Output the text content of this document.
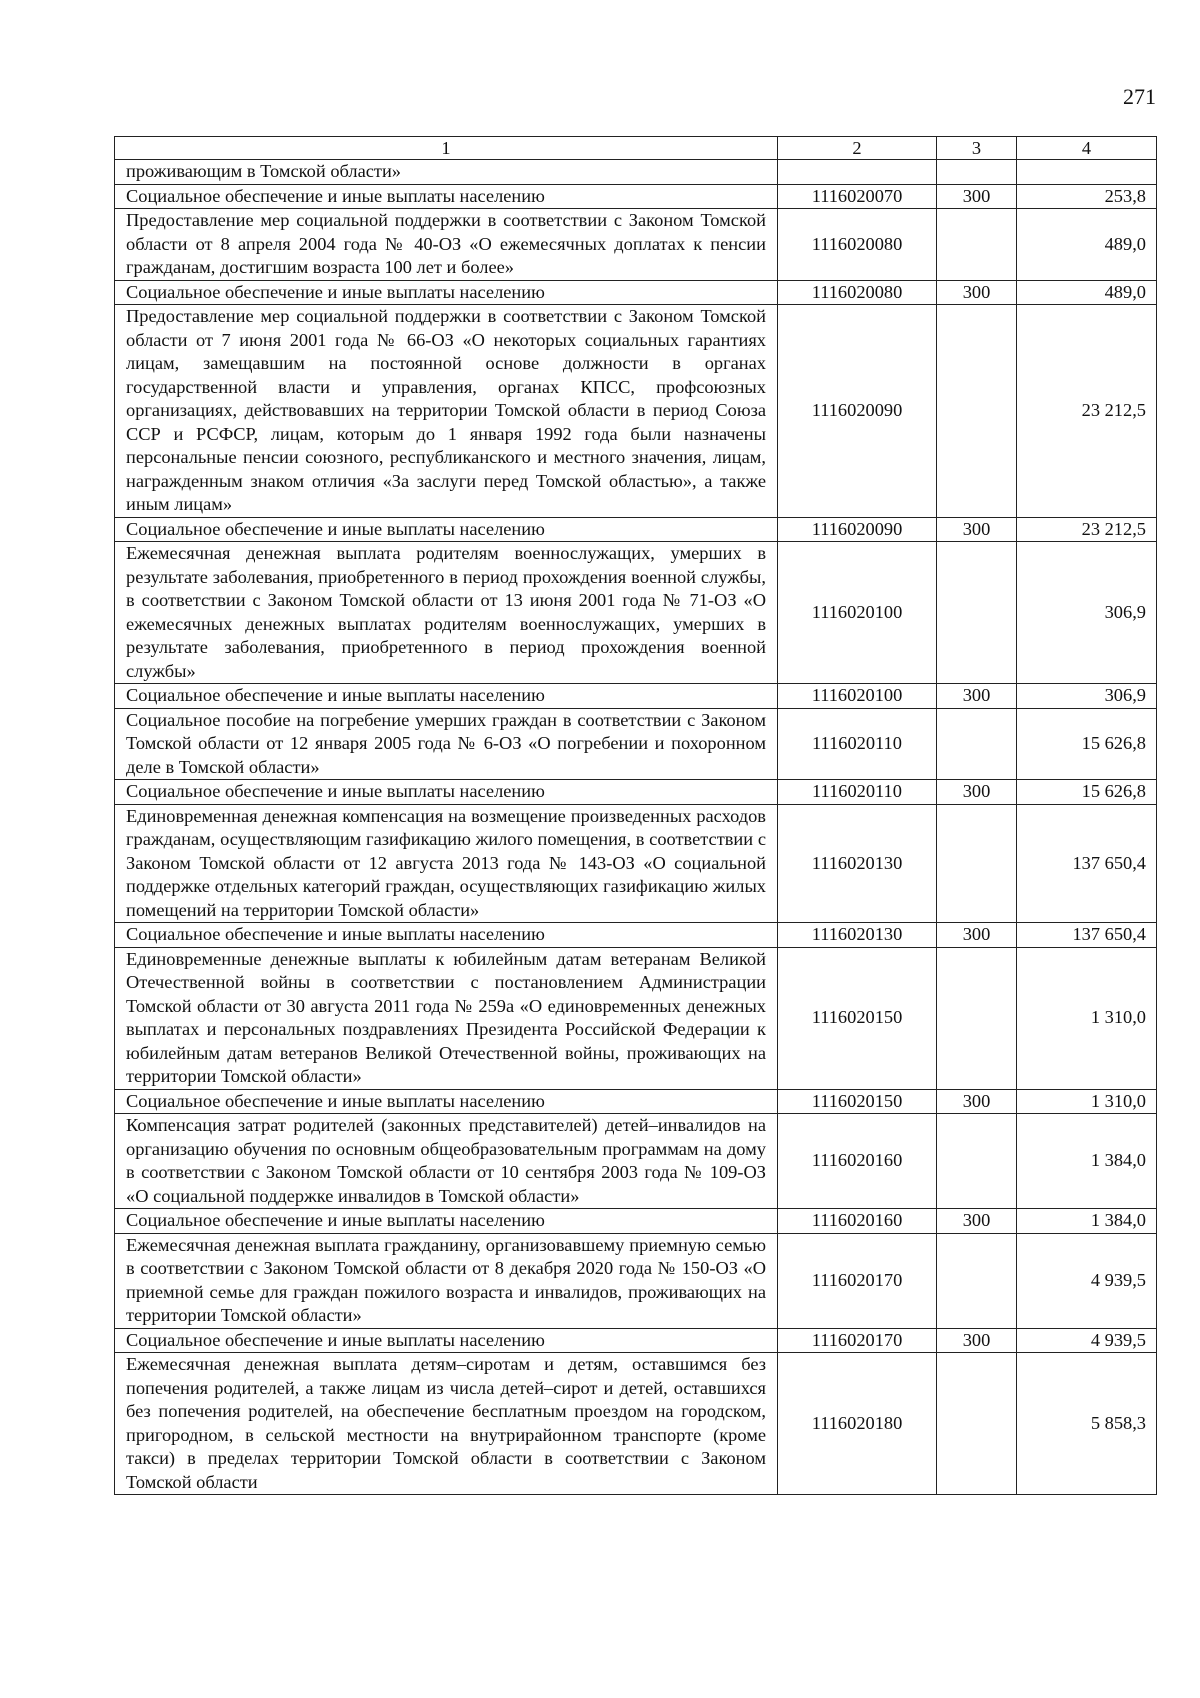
271
1	2	3	4
проживающим в Томской области»			
Социальное обеспечение и иные выплаты населению	1116020070	300	253,8
Предоставление мер социальной поддержки в соответствии с Законом Томской области от 8 апреля 2004 года № 40-ОЗ «О ежемесячных доплатах к пенсии гражданам, достигшим возраста 100 лет и более»	1116020080		489,0
Социальное обеспечение и иные выплаты населению	1116020080	300	489,0
Предоставление мер социальной поддержки в соответствии с Законом Томской области от 7 июня 2001 года № 66-ОЗ «О некоторых социальных гарантиях лицам, замещавшим на постоянной основе должности в органах государственной власти и управления, органах КПСС, профсоюзных организациях, действовавших на территории Томской области в период Союза ССР и РСФСР, лицам, которым до 1 января 1992 года были назначены персональные пенсии союзного, республиканского и местного значения, лицам, награжденным знаком отличия «За заслуги перед Томской областью», а также иным лицам»	1116020090		23 212,5
Социальное обеспечение и иные выплаты населению	1116020090	300	23 212,5
Ежемесячная денежная выплата родителям военнослужащих, умерших в результате заболевания, приобретенного в период прохождения военной службы, в соответствии с Законом Томской области от 13 июня 2001 года № 71-ОЗ «О ежемесячных денежных выплатах родителям военнослужащих, умерших в результате заболевания, приобретенного в период прохождения военной службы»	1116020100		306,9
Социальное обеспечение и иные выплаты населению	1116020100	300	306,9
Социальное пособие на погребение умерших граждан в соответствии с Законом Томской области от 12 января 2005 года № 6-ОЗ «О погребении и похоронном деле в Томской области»	1116020110		15 626,8
Социальное обеспечение и иные выплаты населению	1116020110	300	15 626,8
Единовременная денежная компенсация на возмещение произведенных расходов гражданам, осуществляющим газификацию жилого помещения, в соответствии с Законом Томской области от 12 августа 2013 года № 143-ОЗ «О социальной поддержке отдельных категорий граждан, осуществляющих газификацию жилых помещений на территории Томской области»	1116020130		137 650,4
Социальное обеспечение и иные выплаты населению	1116020130	300	137 650,4
Единовременные денежные выплаты к юбилейным датам ветеранам Великой Отечественной войны в соответствии с постановлением Администрации Томской области от 30 августа 2011 года № 259а «О единовременных денежных выплатах и персональных поздравлениях Президента Российской Федерации к юбилейным датам ветеранов Великой Отечественной войны, проживающих на территории Томской области»	1116020150		1 310,0
Социальное обеспечение и иные выплаты населению	1116020150	300	1 310,0
Компенсация затрат родителей (законных представителей) детей–инвалидов на организацию обучения по основным общеобразовательным программам на дому в соответствии с Законом Томской области от 10 сентября 2003 года № 109-ОЗ «О социальной поддержке инвалидов в Томской области»	1116020160		1 384,0
Социальное обеспечение и иные выплаты населению	1116020160	300	1 384,0
Ежемесячная денежная выплата гражданину, организовавшему приемную семью в соответствии с Законом Томской области от 8 декабря 2020 года № 150-ОЗ «О приемной семье для граждан пожилого возраста и инвалидов, проживающих на территории Томской области»	1116020170		4 939,5
Социальное обеспечение и иные выплаты населению	1116020170	300	4 939,5
Ежемесячная денежная выплата детям–сиротам и детям, оставшимся без попечения родителей, а также лицам из числа детей–сирот и детей, оставшихся без попечения родителей, на обеспечение бесплатным проездом на городском, пригородном, в сельской местности на внутрирайонном транспорте (кроме такси) в пределах территории Томской области в соответствии с Законом Томской области	1116020180		5 858,3
